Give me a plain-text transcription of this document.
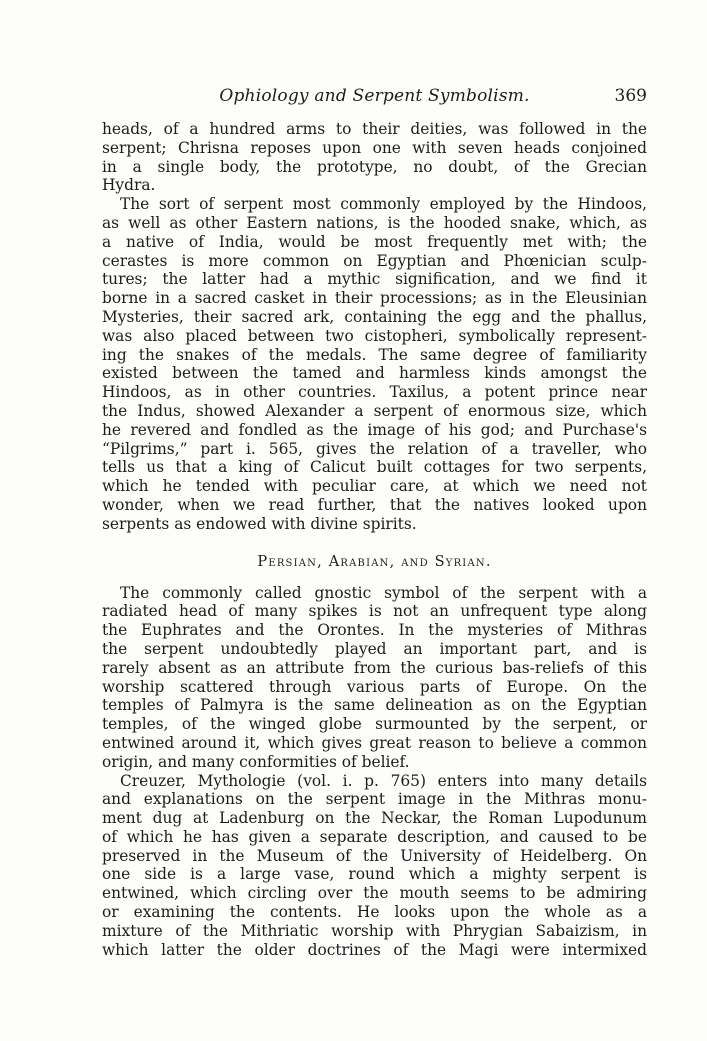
Ophiology and Serpent Symbolism.	369
heads, of a hundred arms to their deities, was followed in the
serpent; Chrisna reposes upon one with seven heads conjoined
in a single body, the prototype, no doubt, of the Grecian
Hydra.
The sort of serpent most commonly employed by the Hindoos,
as well as other Eastern nations, is the hooded snake, which, as
a native of India, would be most frequently met with; the
cerastes is more common on Egyptian and Phœnician sculp-
tures; the latter had a mythic signification, and we find it
borne in a sacred casket in their processions; as in the Eleusinian
Mysteries, their sacred ark, containing the egg and the phallus,
was also placed between two cistopheri, symbolically represent-
ing the snakes of the medals. The same degree of familiarity
existed between the tamed and harmless kinds amongst the
Hindoos, as in other countries. Taxilus, a potent prince near
the Indus, showed Alexander a serpent of enormous size, which
he revered and fondled as the image of his god; and Purchase's
“Pilgrims,” part i. 565, gives the relation of a traveller, who
tells us that a king of Calicut built cottages for two serpents,
which he tended with peculiar care, at which we need not
wonder, when we read further, that the natives looked upon
serpents as endowed with divine spirits.
Persian, Arabian, and Syrian.
The commonly called gnostic symbol of the serpent with a
radiated head of many spikes is not an unfrequent type along
the Euphrates and the Orontes. In the mysteries of Mithras
the serpent undoubtedly played an important part, and is
rarely absent as an attribute from the curious bas-reliefs of this
worship scattered through various parts of Europe. On the
temples of Palmyra is the same delineation as on the Egyptian
temples, of the winged globe surmounted by the serpent, or
entwined around it, which gives great reason to believe a common
origin, and many conformities of belief.
Creuzer, Mythologie (vol. i. p. 765) enters into many details
and explanations on the serpent image in the Mithras monu-
ment dug at Ladenburg on the Neckar, the Roman Lupodunum
of which he has given a separate description, and caused to be
preserved in the Museum of the University of Heidelberg. On
one side is a large vase, round which a mighty serpent is
entwined, which circling over the mouth seems to be admiring
or examining the contents. He looks upon the whole as a
mixture of the Mithriatic worship with Phrygian Sabaizism, in
which latter the older doctrines of the Magi were intermixed
